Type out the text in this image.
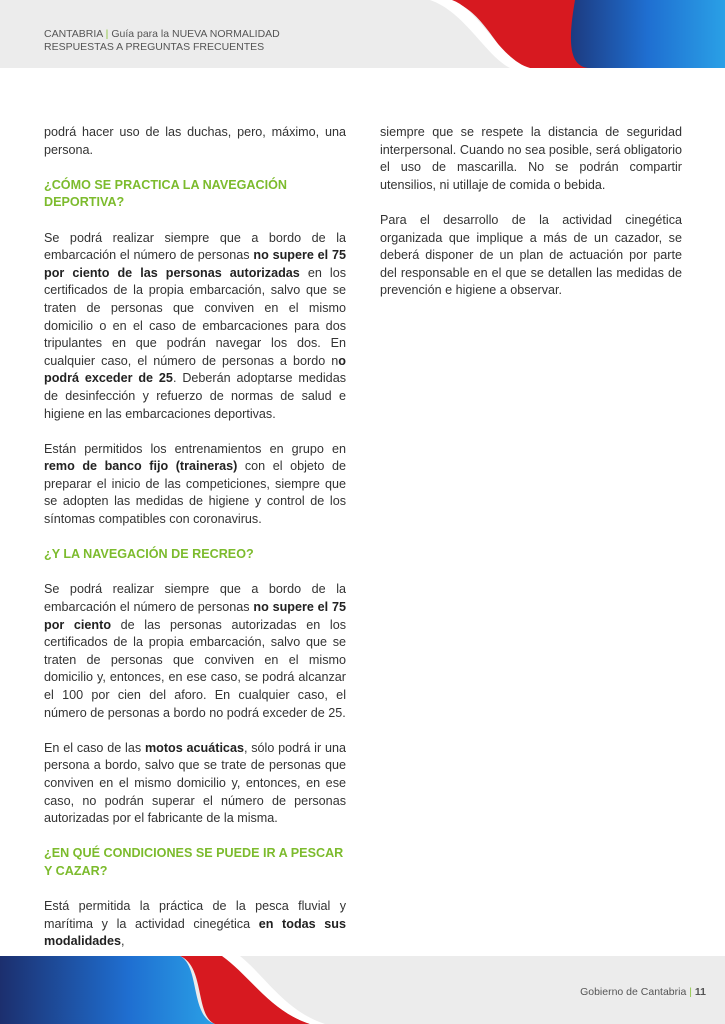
CANTABRIA | Guía para la NUEVA NORMALIDAD
RESPUESTAS A PREGUNTAS FRECUENTES

podrá hacer uso de las duchas, pero, máximo, una persona.

¿CÓMO SE PRACTICA LA NAVEGACIÓN DEPORTIVA?

Se podrá realizar siempre que a bordo de la embarcación el número de personas no supere el 75 por ciento de las personas autorizadas en los certificados de la propia embarcación, salvo que se traten de personas que conviven en el mismo domicilio o en el caso de embarcaciones para dos tripulantes en que podrán navegar los dos. En cualquier caso, el número de personas a bordo no podrá exceder de 25. Deberán adoptarse medidas de desinfección y refuerzo de normas de salud e higiene en las embarcaciones deportivas.

Están permitidos los entrenamientos en grupo en remo de banco fijo (traineras) con el objeto de preparar el inicio de las competiciones, siempre que se adopten las medidas de higiene y control de los síntomas compatibles con coronavirus.

¿Y LA NAVEGACIÓN DE RECREO?

Se podrá realizar siempre que a bordo de la embarcación el número de personas no supere el 75 por ciento de las personas autorizadas en los certificados de la propia embarcación, salvo que se traten de personas que conviven en el mismo domicilio y, entonces, en ese caso, se podrá alcanzar el 100 por cien del aforo. En cualquier caso, el número de personas a bordo no podrá exceder de 25.

En el caso de las motos acuáticas, sólo podrá ir una persona a bordo, salvo que se trate de personas que conviven en el mismo domicilio y, entonces, en ese caso, no podrán superar el número de personas autorizadas por el fabricante de la misma.

¿EN QUÉ CONDICIONES SE PUEDE IR A PESCAR Y CAZAR?

Está permitida la práctica de la pesca fluvial y marítima y la actividad cinegética en todas sus modalidades,

siempre que se respete la distancia de seguridad interpersonal. Cuando no sea posible, será obligatorio el uso de mascarilla. No se podrán compartir utensilios, ni utillaje de comida o bebida.

Para el desarrollo de la actividad cinegética organizada que implique a más de un cazador, se deberá disponer de un plan de actuación por parte del responsable en el que se detallen las medidas de prevención e higiene a observar.

Gobierno de Cantabria | 11
